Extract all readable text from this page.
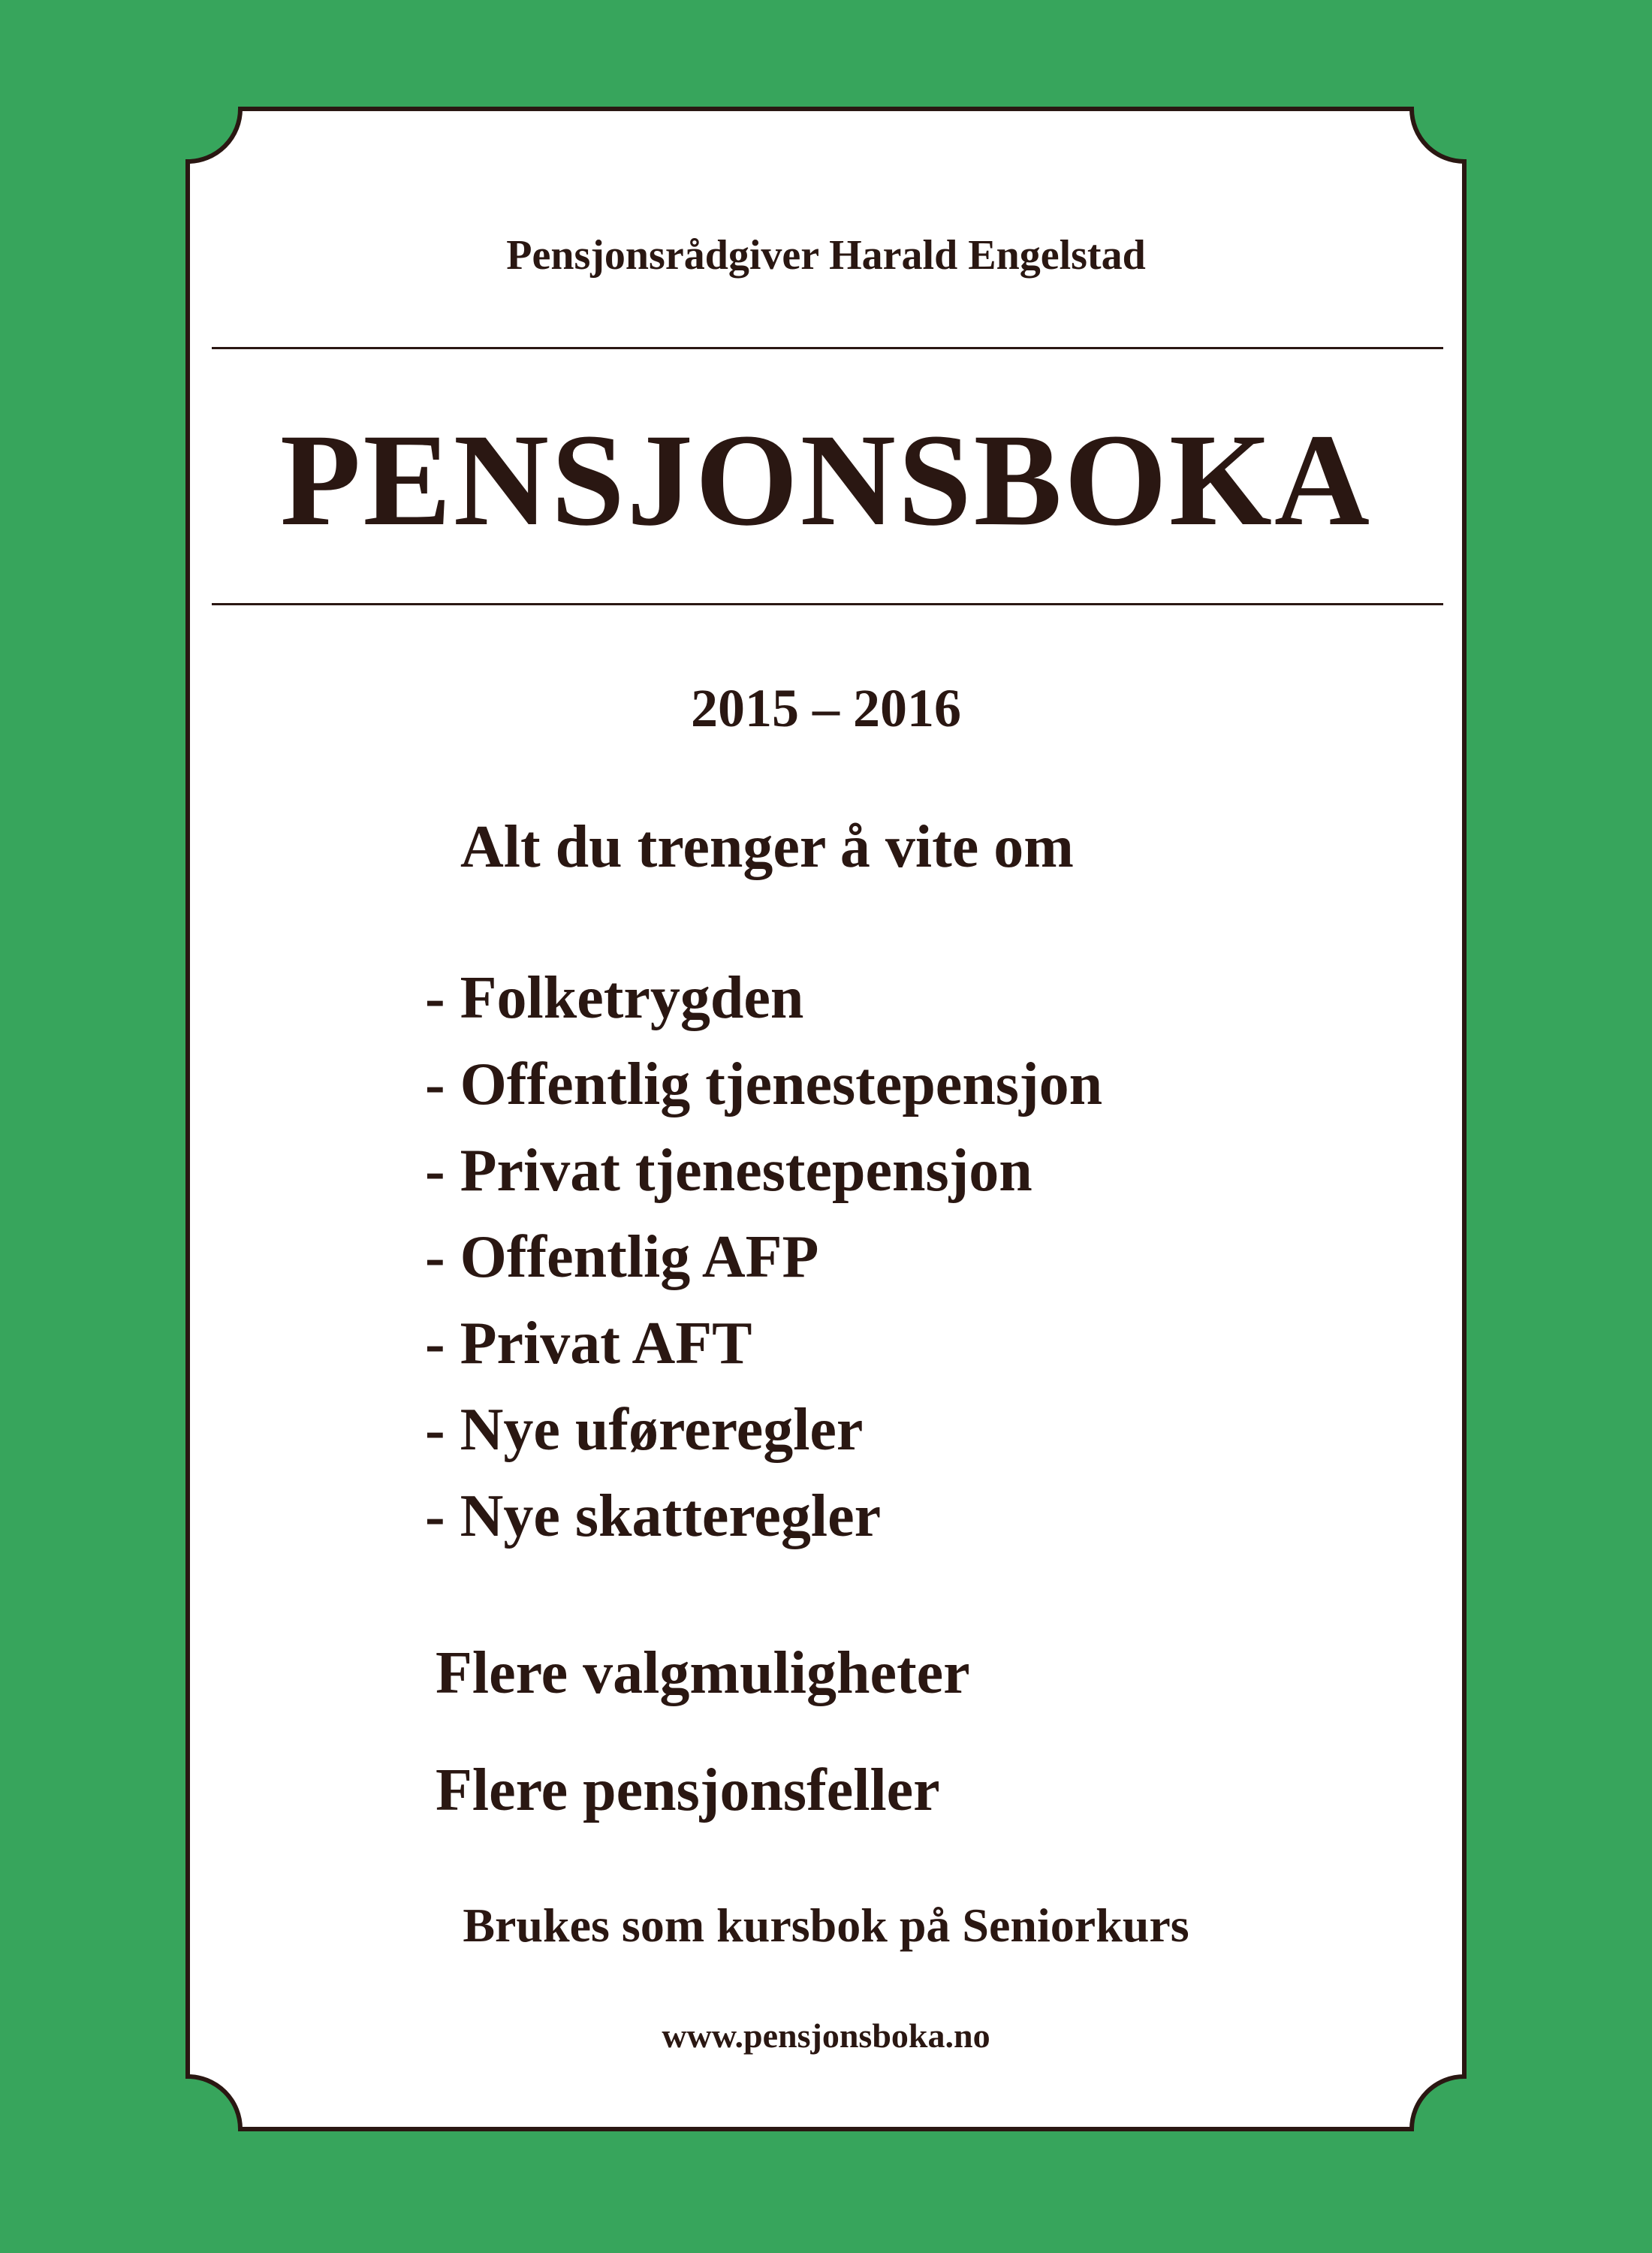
Pensjonsrådgiver Harald Engelstad

PENSJONSBOKA

2015 – 2016

Alt du trenger å vite om

- Folketrygden
- Offentlig tjenestepensjon
- Privat tjenestepensjon
- Offentlig AFP
- Privat AFT
- Nye uføreregler
- Nye skatteregler

Flere valgmuligheter

Flere pensjonsfeller

Brukes som kursbok på Seniorkurs

www.pensjonsboka.no
